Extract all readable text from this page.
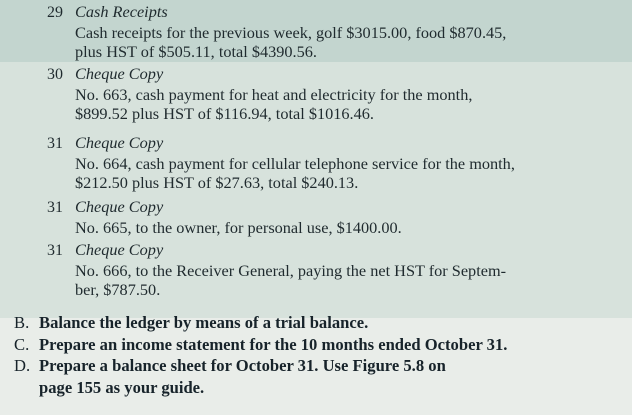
29 Cash Receipts
Cash receipts for the previous week, golf $3015.00, food $870.45,
plus HST of $505.11, total $4390.56.
30 Cheque Copy
No. 663, cash payment for heat and electricity for the month,
$899.52 plus HST of $116.94, total $1016.46.
31 Cheque Copy
No. 664, cash payment for cellular telephone service for the month,
$212.50 plus HST of $27.63, total $240.13.
31 Cheque Copy
No. 665, to the owner, for personal use, $1400.00.
31 Cheque Copy
No. 666, to the Receiver General, paying the net HST for Septem-
ber, $787.50.
B. Balance the ledger by means of a trial balance.
C. Prepare an income statement for the 10 months ended October 31.
D. Prepare a balance sheet for October 31. Use Figure 5.8 on
page 155 as your guide.
